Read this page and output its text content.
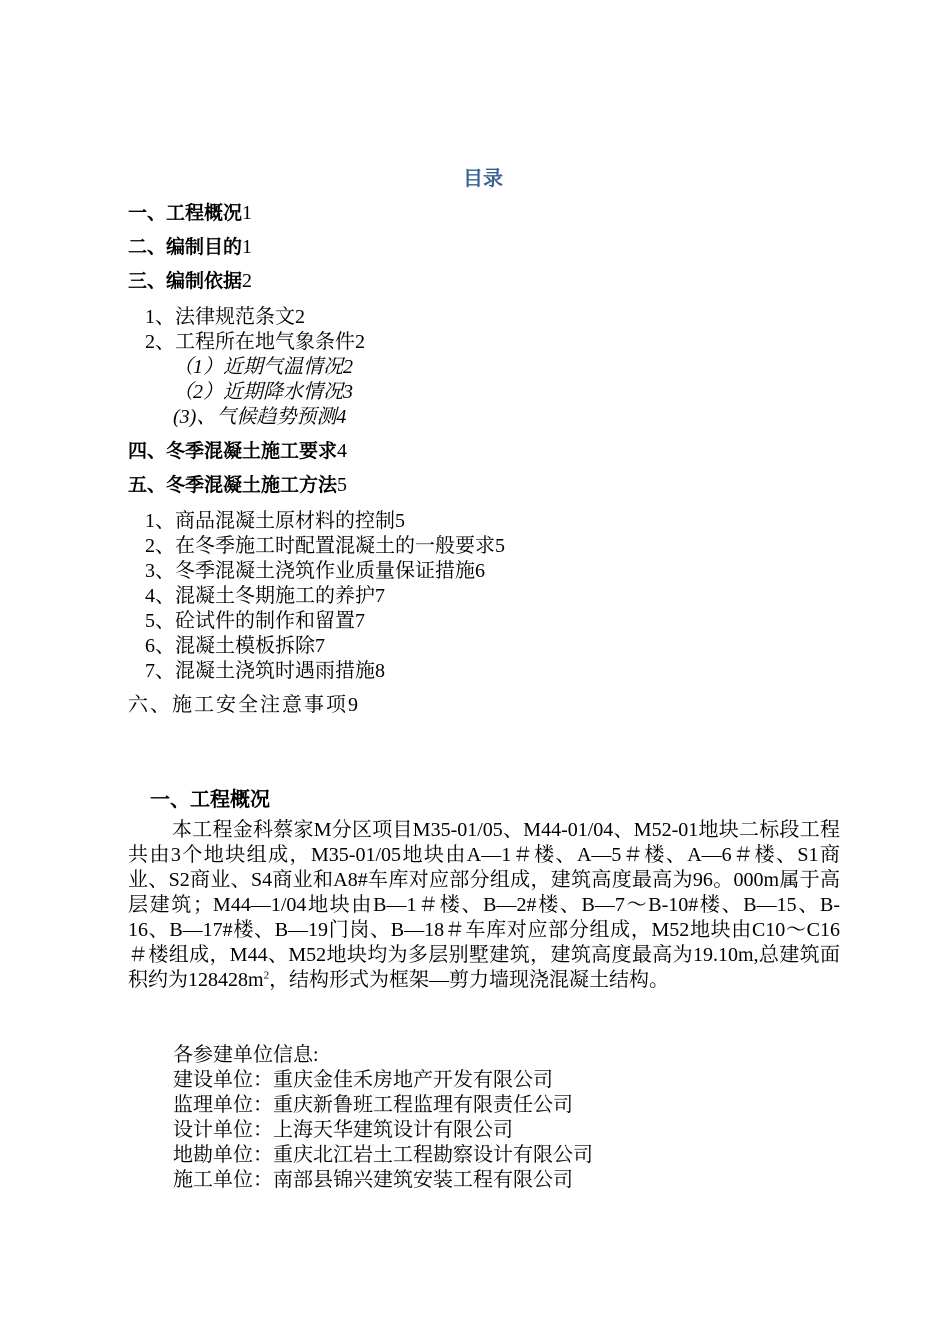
目录
一、工程概况1
二、编制目的1
三、编制依据2
1、法律规范条文2
2、工程所在地气象条件2
（1）近期气温情况2
（2）近期降水情况3
(3)、气候趋势预测4
四、冬季混凝土施工要求4
五、冬季混凝土施工方法5
1、商品混凝土原材料的控制5
2、在冬季施工时配置混凝土的一般要求5
3、冬季混凝土浇筑作业质量保证措施6
4、混凝土冬期施工的养护7
5、砼试件的制作和留置7
6、混凝土模板拆除7
7、混凝土浇筑时遇雨措施8
六、施工安全注意事项9
一、工程概况

本工程金科蔡家M分区项目M35-01/05、M44-01/04、M52-01地块二标段工程共由3个地块组成，M35-01/05地块由A—1＃楼、A—5＃楼、A—6＃楼、S1商业、S2商业、S4商业和A8#车库对应部分组成，建筑高度最高为96。000m属于高层建筑；M44—1/04地块由B—1＃楼、B—2#楼、B—7～B-10#楼、B—15、B-16、B—17#楼、B—19门岗、B—18＃车库对应部分组成，M52地块由C10～C16＃楼组成，M44、M52地块均为多层别墅建筑，建筑高度最高为19.10m,总建筑面积约为$128428m^2$，结构形式为框架—剪力墙现浇混凝土结构。

各参建单位信息:
建设单位：重庆金佳禾房地产开发有限公司
监理单位：重庆新鲁班工程监理有限责任公司
设计单位：上海天华建筑设计有限公司
地勘单位：重庆北江岩土工程勘察设计有限公司
施工单位：南部县锦兴建筑安装工程有限公司
